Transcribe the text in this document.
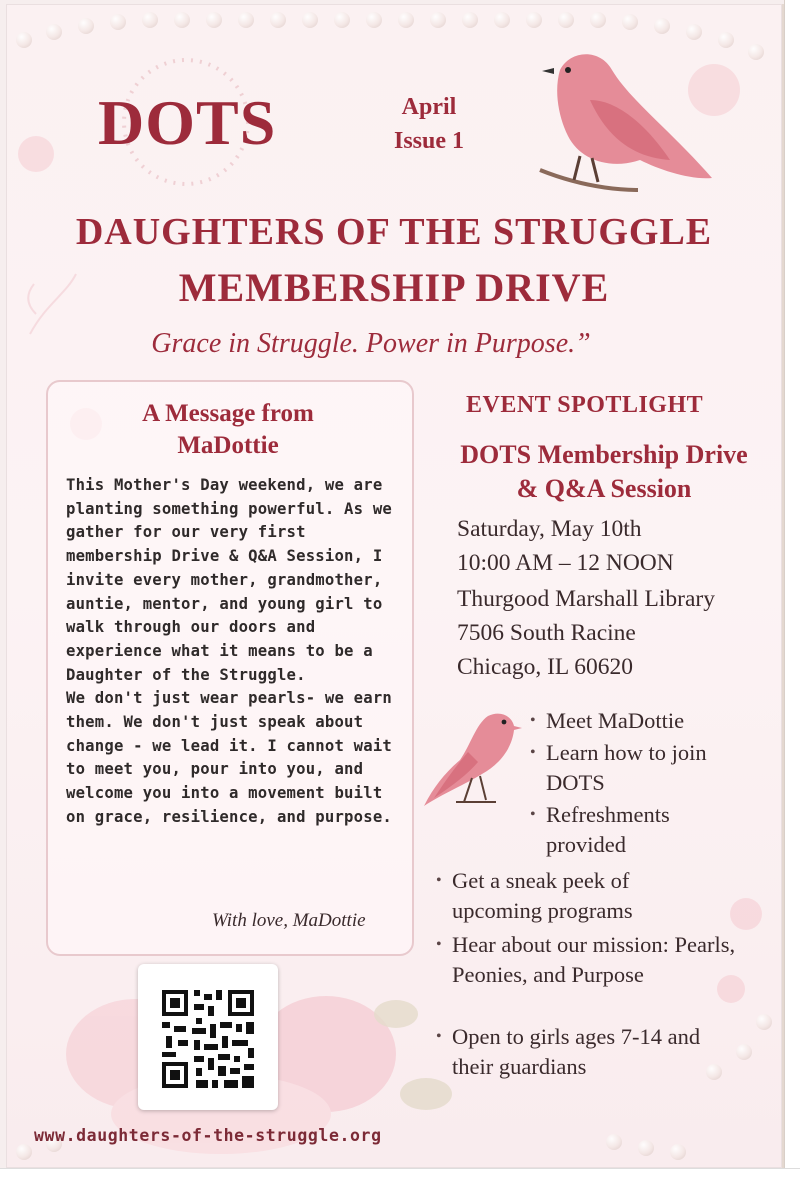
DOTS	April
Issue 1
DAUGHTERS OF THE STRUGGLE
MEMBERSHIP DRIVE
Grace in Struggle. Power in Purpose.”
A Message from MaDottie
This Mother's Day weekend, we are planting something powerful. As we gather for our very first membership Drive & Q&A Session, I invite every mother, grandmother, auntie, mentor, and young girl to walk through our doors and experience what it means to be a Daughter of the Struggle.
We don't just wear pearls- we earn them. We don't just speak about change - we lead it. I cannot wait to meet you, pour into you, and welcome you into a movement built on grace, resilience, and purpose.
With love, MaDottie
EVENT SPOTLIGHT
DOTS Membership Drive & Q&A Session
Saturday, May 10th
10:00 AM – 12 NOON
Thurgood Marshall Library
7506 South Racine
Chicago, IL 60620
• Meet MaDottie
• Learn how to join DOTS
• Refreshments provided
• Get a sneak peek of upcoming programs
• Hear about our mission: Pearls, Peonies, and Purpose
• Open to girls ages 7-14 and their guardians
www.daughters-of-the-struggle.org
